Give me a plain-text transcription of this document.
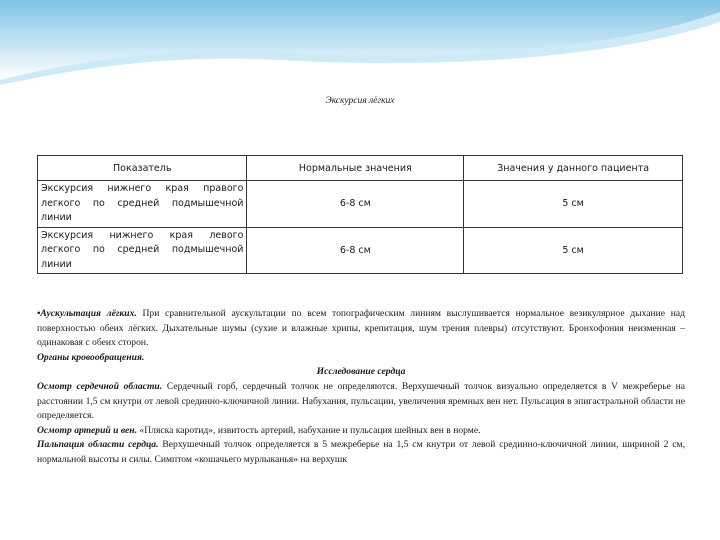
Экскурсия лёгких
Показатель	Нормальные значения	Значения у данного пациента
Экскурсия нижнего края правого легкого по средней подмышечной линии	6-8 см	5 см
Экскурсия нижнего края левого легкого по средней подмышечной линии	6-8 см	5 см

•Аускультация лёгких. При сравнительной аускультации по всем топографическим линиям выслушивается нормальное везикулярное дыхание над поверхностью обеих лёгких. Дыхательные шумы (сухие и влажные хрипы, крепитация, шум трения плевры) отсутствуют. Бронхофония неизменная – одинаковая с обеих сторон.

Органы кровообращения.

Исследование сердца

Осмотр сердечной области. Сердечный горб, сердечный толчок не определяются. Верхушечный толчок визуально определяется в V межреберье на расстоянии 1,5 см кнутри от левой срединно-ключичной линии. Набухания, пульсации, увеличения яремных вен нет. Пульсация в эпигастральной области не определяется.

Осмотр артерий и вен. «Пляска каротид», извитость артерий, набухание и пульсация шейных вен в норме.

Пальпация области сердца. Верхушечный толчок определяется в 5 межреберье на 1,5 см кнутри от левой срединно-ключичной линии, шириной 2 см, нормальной высоты и силы. Симптом «кошачьего мурлыканья» на верхушк
